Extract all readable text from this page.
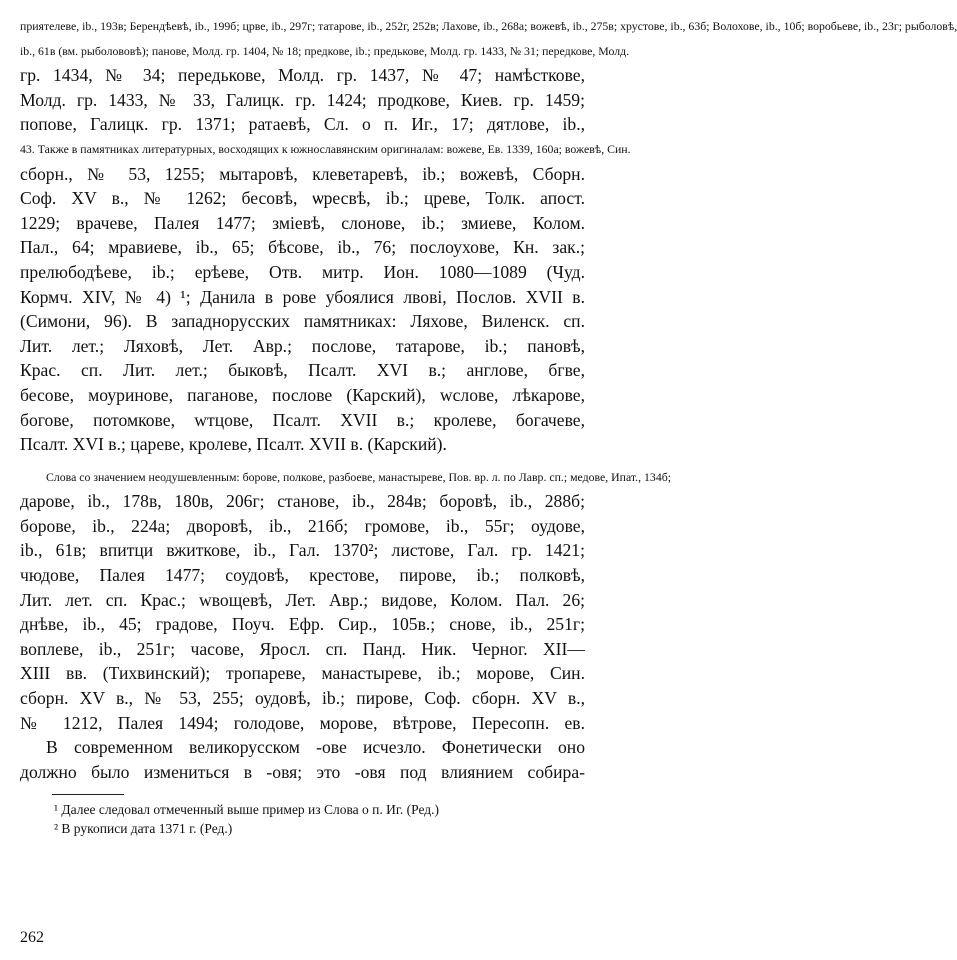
приятелеве, ib., 193в; Берендѣевѣ, ib., 199б; црве, ib., 297г; татарове, ib., 252г, 252в; Лахове, ib., 268а; вожевѣ, ib., 275в; хрустове, ib., 63б; Волохове, ib., 10б; воробьеве, ib., 23г; рыболовѣ,
ib., 61в (вм. рыболововѣ); панове, Молд. гр. 1404, № 18; предкове, ib.; предькове, Молд. гр. 1433, № 31; передкове, Молд.
гр. 1434, № 34; передькове, Молд. гр. 1437, № 47; намѣсткове,
Молд. гр. 1433, № 33, Галицк. гр. 1424; продкове, Киев. гр. 1459;
попове, Галицк. гр. 1371; ратаевѣ, Сл. о п. Иг., 17; дятлове, ib.,
43. Также в памятниках литературных, восходящих к южнославянским оригиналам: вожеве, Ев. 1339, 160а; вожевѣ, Син.
сборн., № 53, 1255; мытаровѣ, клеветаревѣ, ib.; вожевѣ, Сборн.
Соф. XV в., № 1262; бесовѣ, ѡресвѣ, ib.; цреве, Толк. апост.
1229; врачеве, Палея 1477; зміевѣ, слонове, ib.; змиеве, Колом.
Пал., 64; мравиеве, ib., 65; бѣсове, ib., 76; послоухове, Кн. зак.;
прелюбодѣеве, ib.; ерѣеве, Отв. митр. Ион. 1080—1089 (Чуд.
Кормч. XIV, № 4) ¹; Данила в рове убоялися лвові, Послов. XVII в.
(Симони, 96). В западнорусских памятниках: Ляхове, Виленск. сп.
Лит. лет.; Ляховѣ, Лет. Авр.; послове, татарове, ib.; пановѣ,
Крас. сп. Лит. лет.; быковѣ, Псалт. XVI в.; англове, бгве,
бесове, моуринове, паганове, послове (Карский), wслове, лѣкарове,
богове, потомкове, wтцове, Псалт. XVII в.; кролеве, богачеве,
Псалт. XVI в.; цареве, кролеве, Псалт. XVII в. (Карский).
Слова со значением неодушевленным: борове, полкове, разбоеве, манастыреве, Пов. вр. л. по Лавр. сп.; медове, Ипат., 134б;
дарове, ib., 178в, 180в, 206г; станове, ib., 284в; боровѣ, ib., 288б;
борове, ib., 224а; дворовѣ, ib., 216б; громове, ib., 55г; оудове,
ib., 61в; впитци вжиткове, ib., Гал. 1370²; листове, Гал. гр. 1421;
чюдове, Палея 1477; соудовѣ, крестове, пирове, ib.; полковѣ,
Лит. лет. сп. Крас.; wвощевѣ, Лет. Авр.; видове, Колом. Пал. 26;
днѣве, ib., 45; градове, Поуч. Ефр. Сир., 105в.; снове, ib., 251г;
воплеве, ib., 251г; часове, Яросл. сп. Панд. Ник. Черног. XII—
XIII вв. (Тихвинский); тропареве, манастыреве, ib.; морове, Син.
сборн. XV в., № 53, 255; оудовѣ, ib.; пирове, Соф. сборн. XV в.,
№ 1212, Палея 1494; голодове, морове, вѣтрове, Пересопн. ев.
В современном великорусском -ове исчезло. Фонетически оно
должно было измениться в -овя; это -овя под влиянием собира-
¹ Далее следовал отмеченный выше пример из Слова о п. Иг. (Ред.)
² В рукописи дата 1371 г. (Ред.)
262
